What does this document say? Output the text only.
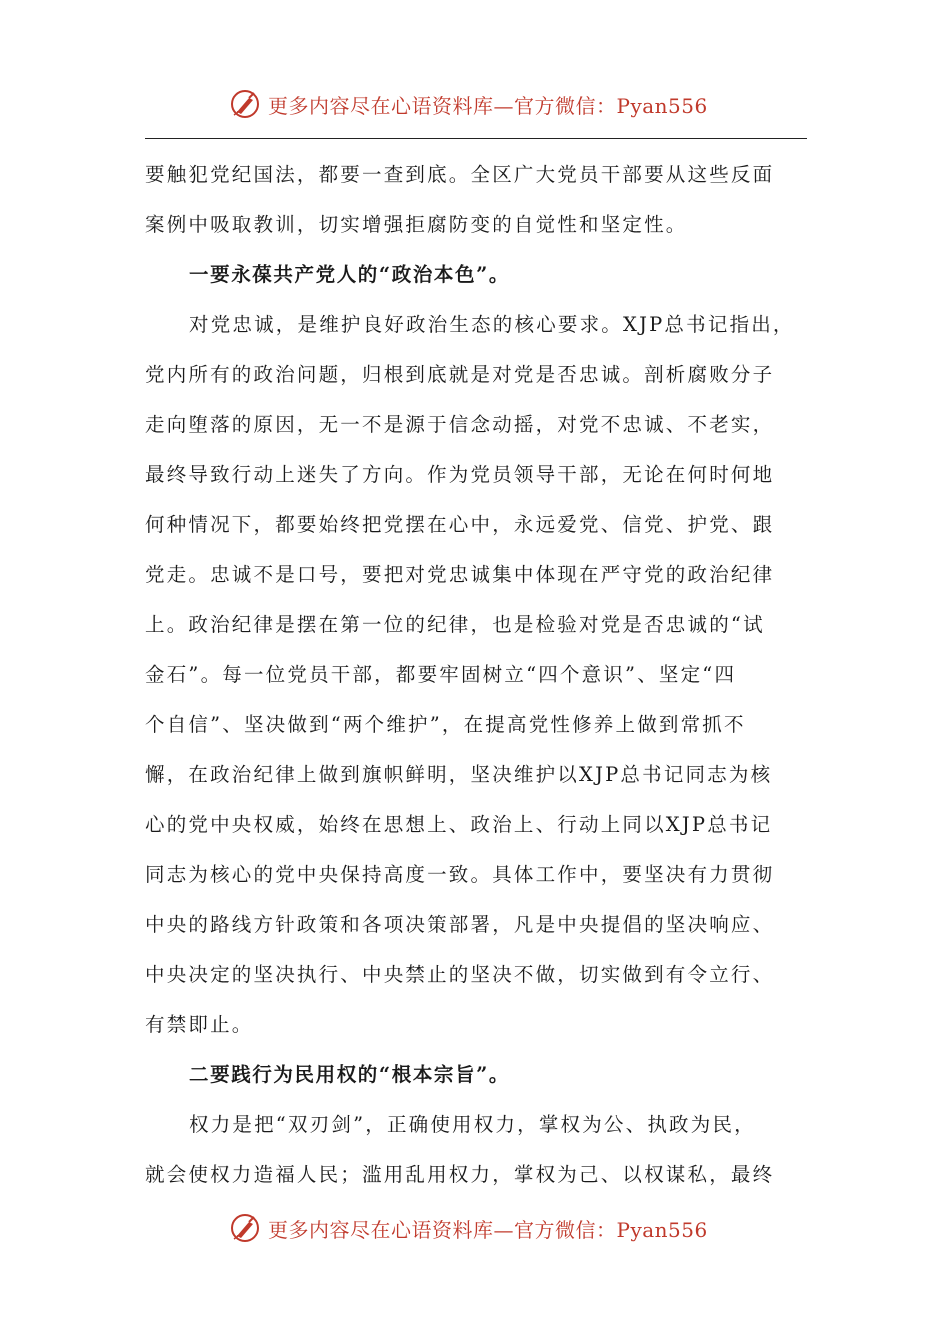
更多内容尽在心语资料库—官方微信：Pyan556
要触犯党纪国法，都要一查到底。全区广大党员干部要从这些反面
案例中吸取教训，切实增强拒腐防变的自觉性和坚定性。
一要永葆共产党人的“政治本色”。
对党忠诚，是维护良好政治生态的核心要求。XJP总书记指出，
党内所有的政治问题，归根到底就是对党是否忠诚。剖析腐败分子
走向堕落的原因，无一不是源于信念动摇，对党不忠诚、不老实，
最终导致行动上迷失了方向。作为党员领导干部，无论在何时何地
何种情况下，都要始终把党摆在心中，永远爱党、信党、护党、跟
党走。忠诚不是口号，要把对党忠诚集中体现在严守党的政治纪律
上。政治纪律是摆在第一位的纪律，也是检验对党是否忠诚的“试
金石”。每一位党员干部，都要牢固树立“四个意识”、坚定“四
个自信”、坚决做到“两个维护”，在提高党性修养上做到常抓不
懈，在政治纪律上做到旗帜鲜明，坚决维护以XJP总书记同志为核
心的党中央权威，始终在思想上、政治上、行动上同以XJP总书记
同志为核心的党中央保持高度一致。具体工作中，要坚决有力贯彻
中央的路线方针政策和各项决策部署，凡是中央提倡的坚决响应、
中央决定的坚决执行、中央禁止的坚决不做，切实做到有令立行、
有禁即止。
二要践行为民用权的“根本宗旨”。
权力是把“双刃剑”，正确使用权力，掌权为公、执政为民，
就会使权力造福人民；滥用乱用权力，掌权为己、以权谋私，最终
更多内容尽在心语资料库—官方微信：Pyan556
